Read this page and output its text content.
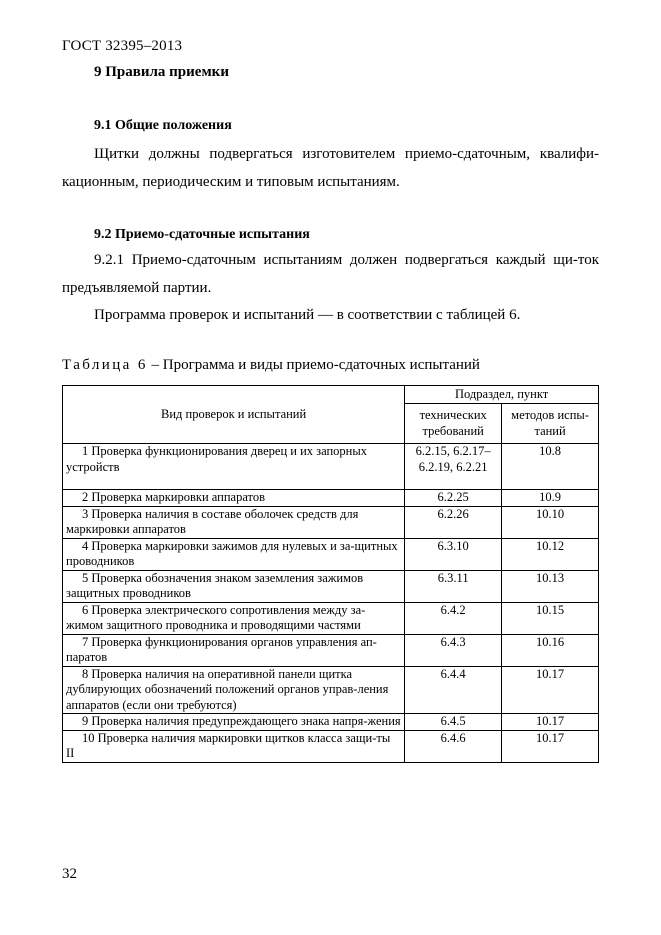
ГОСТ 32395–2013
9 Правила приемки
9.1 Общие положения
Щитки должны подвергаться изготовителем приемо-сдаточным, квалифи-кационным, периодическим и типовым испытаниям.
9.2 Приемо-сдаточные испытания
9.2.1 Приемо-сдаточным испытаниям должен подвергаться каждый щи-ток предъявляемой партии.
Программа проверок и испытаний — в соответствии с таблицей 6.
Таблица 6 – Программа и виды приемо-сдаточных испытаний
Вид проверок и испытаний	Подраздел, пункт	
	технических требований	методов испы-таний
1 Проверка функционирования дверец и их запорных устройств	6.2.15, 6.2.17–6.2.19, 6.2.21	10.8
2 Проверка маркировки аппаратов	6.2.25	10.9
3 Проверка наличия в составе оболочек средств для маркировки аппаратов	6.2.26	10.10
4 Проверка маркировки зажимов для нулевых и за-щитных проводников	6.3.10	10.12
5 Проверка обозначения знаком заземления зажимов защитных проводников	6.3.11	10.13
6 Проверка электрического сопротивления между за-жимом защитного проводника и проводящими частями	6.4.2	10.15
7 Проверка функционирования органов управления ап-паратов	6.4.3	10.16
8 Проверка наличия на оперативной панели щитка дублирующих обозначений положений органов управ-ления аппаратов (если они требуются)	6.4.4	10.17
9 Проверка наличия предупреждающего знака напря-жения	6.4.5	10.17
10 Проверка наличия маркировки щитков класса защи-ты II	6.4.6	10.17
32
